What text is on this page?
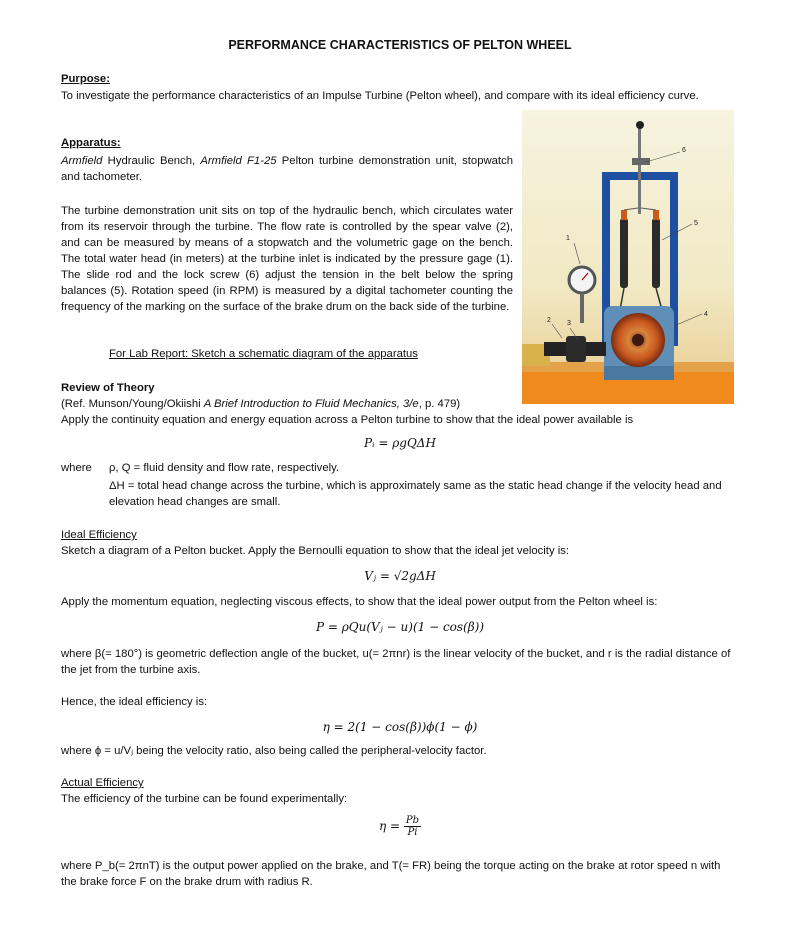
PERFORMANCE CHARACTERISTICS OF PELTON WHEEL
Purpose:
To investigate the performance characteristics of an Impulse Turbine (Pelton wheel), and compare with its ideal efficiency curve.
Apparatus:
Armfield Hydraulic Bench, Armfield F1-25 Pelton turbine demonstration unit, stopwatch and tachometer.
The turbine demonstration unit sits on top of the hydraulic bench, which circulates water from its reservoir through the turbine. The flow rate is controlled by the spear valve (2), and can be measured by means of a stopwatch and the volumetric gage on the bench. The total water head (in meters) at the turbine inlet is indicated by the pressure gage (1). The slide rod and the lock screw (6) adjust the tension in the belt below the spring balances (5). Rotation speed (in RPM) is measured by a digital tachometer counting the frequency of the marking on the surface of the brake drum on the back side of the turbine.
For Lab Report: Sketch a schematic diagram of the apparatus
1
2 3
4
5
6
Review of Theory
(Ref. Munson/Young/Okiishi A Brief Introduction to Fluid Mechanics, 3/e, p. 479)
Apply the continuity equation and energy equation across a Pelton turbine to show that the ideal power available is
Pᵢ = ρgQΔH
where ρ, Q = fluid density and flow rate, respectively.
ΔH = total head change across the turbine, which is approximately same as the static head change if the velocity head and elevation head changes are small.
Ideal Efficiency
Sketch a diagram of a Pelton bucket. Apply the Bernoulli equation to show that the ideal jet velocity is:
Vⱼ = √2gΔH
Apply the momentum equation, neglecting viscous effects, to show that the ideal power output from the Pelton wheel is:
P = ρQu(Vⱼ − u)(1 − cos(β))
where β(= 180°) is geometric deflection angle of the bucket, u(= 2πnr) is the linear velocity of the bucket, and r is the radial distance of the jet from the turbine axis.
Hence, the ideal efficiency is:
η = 2(1 − cos(β))ϕ(1 − ϕ)
where ϕ = u/Vⱼ being the velocity ratio, also being called the peripheral-velocity factor.
Actual Efficiency
The efficiency of the turbine can be found experimentally:
$\eta = \frac{Pb}{Pi}$
where P_b(= 2πnT) is the output power applied on the brake, and T(= FR) being the torque acting on the brake at rotor speed n with the brake force F on the brake drum with radius R.
